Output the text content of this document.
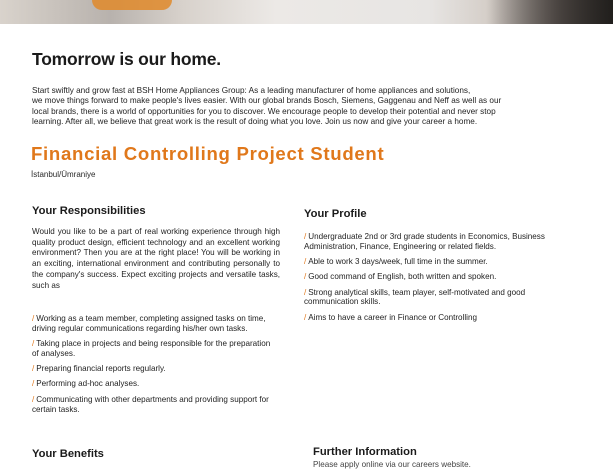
Tomorrow is our home.

Start swiftly and grow fast at BSH Home Appliances Group: As a leading manufacturer of home appliances and solutions,

we move things forward to make people's lives easier. With our global brands Bosch, Siemens, Gaggenau and Neff as well as our

local brands, there is a world of opportunities for you to discover. We encourage people to develop their potential and never stop

learning. After all, we believe that great work is the result of doing what you love. Join us now and give your career a home.

Financial Controlling Project Student
İstanbul/Ümraniye
Your Responsibilities

Would you like to be a part of real working experience through high quality product design, efficient technology and an excellent working environment? Then you are at the right place! You will be working in an exciting, international environment and contributing personally to the company's success. Expect exciting projects and versatile tasks, such as

/ Working as a team member, completing assigned tasks on time, driving regular communications regarding his/her own tasks.
/ Taking place in projects and being responsible for the preparation of analyses.
/ Preparing financial reports regularly.
/ Performing ad-hoc analyses.
/ Communicating with other departments and providing support for certain tasks.
Your Profile
/ Undergraduate 2nd or 3rd grade students in Economics, Business Administration, Finance, Engineering or related fields.
/ Able to work 3 days/week, full time in the summer.
/ Good command of English, both written and spoken.
/ Strong analytical skills, team player, self-motivated and good communication skills.
/ Aims to have a career in Finance or Controlling
Your Benefits	Further Information
Please apply online via our careers website.
